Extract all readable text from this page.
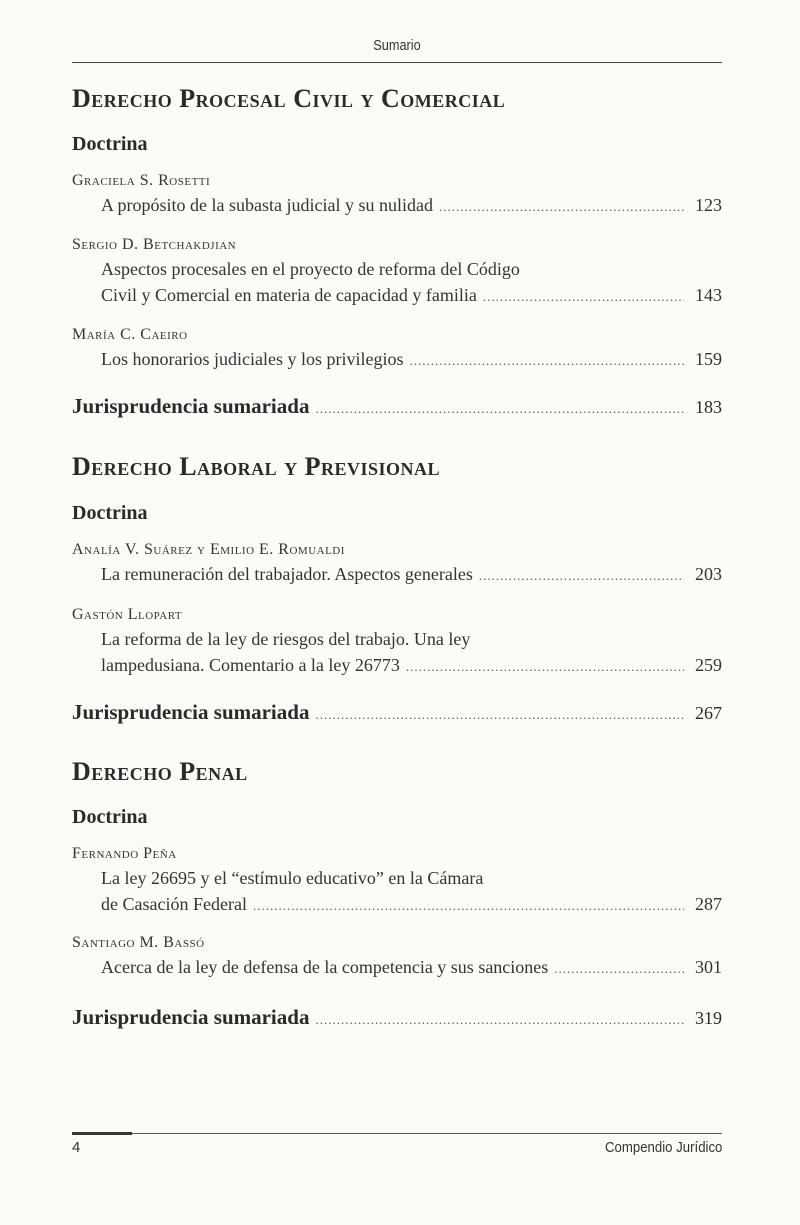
Sumario
Derecho Procesal Civil y Comercial
Doctrina

Graciela S. Rosetti

A propósito de la subasta judicial y su nulidad .....	123

Sergio D. Betchakdjian

Aspectos procesales en el proyecto de reforma del Código
Civil y Comercial en materia de capacidad y familia .....	143

María C. Caeiro

Los honorarios judiciales y los privilegios .....	159
Jurisprudencia sumariada .....	183
Derecho Laboral y Previsional
Doctrina

Analía V. Suárez y Emilio E. Romualdi

La remuneración del trabajador. Aspectos generales .....	203

Gastón Llopart

La reforma de la ley de riesgos del trabajo. Una ley
lampedusiana. Comentario a la ley 26773 .....	259
Jurisprudencia sumariada .....	267
Derecho Penal
Doctrina

Fernando Peña

La ley 26695 y el “estímulo educativo” en la Cámara
de Casación Federal .....	287

Santiago M. Bassó

Acerca de la ley de defensa de la competencia y sus sanciones .....	301
Jurisprudencia sumariada .....	319
4	Compendio Jurídico
